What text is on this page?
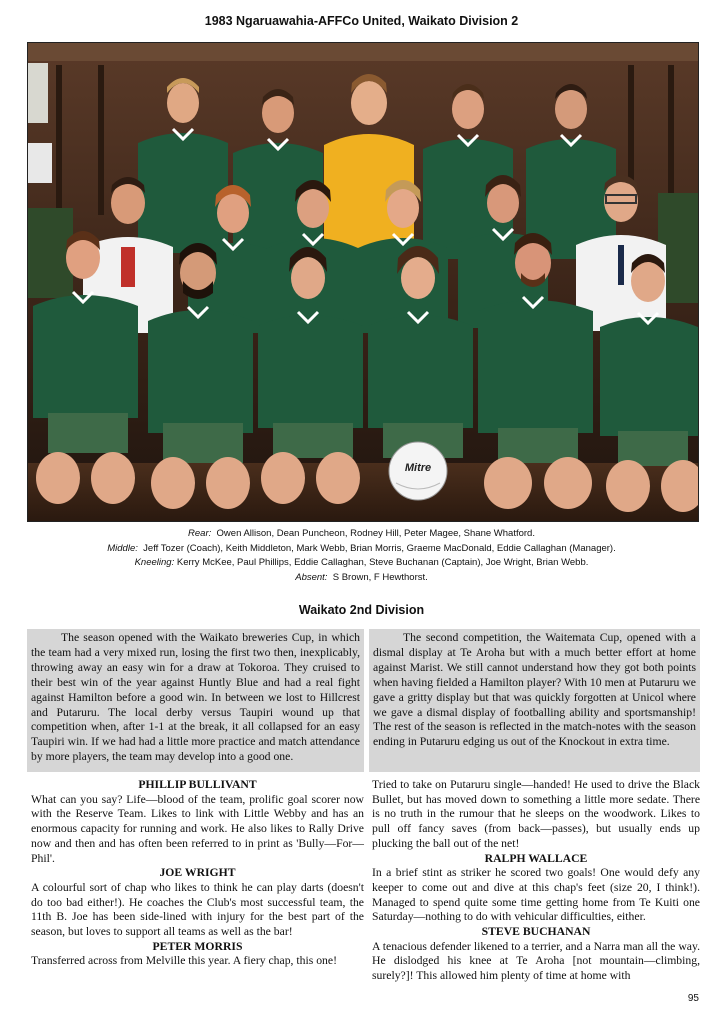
1983 Ngaruawahia-AFFCo United, Waikato Division 2
Mitre
Rear: Owen Allison, Dean Puncheon, Rodney Hill, Peter Magee, Shane Whatford.
Middle: Jeff Tozer (Coach), Keith Middleton, Mark Webb, Brian Morris, Graeme MacDonald, Eddie Callaghan (Manager).
Kneeling: Kerry McKee, Paul Phillips, Eddie Callaghan, Steve Buchanan (Captain), Joe Wright, Brian Webb.
Absent: S Brown, F Hewthorst.
Waikato 2nd Division

The season opened with the Waikato breweries Cup, in which the team had a very mixed run, losing the first two then, inexplicably, throwing away an easy win for a draw at Tokoroa. They cruised to their best win of the year against Huntly Blue and had a real fight against Hamilton before a good win. In between we lost to Hillcrest and Putaruru. The local derby versus Taupiri wound up that competition when, after 1-1 at the break, it all collapsed for an easy Taupiri win. If we had had a little more practice and match attendance by more players, the team may develop into a good one.

The second competition, the Waitemata Cup, opened with a dismal display at Te Aroha but with a much better effort at home against Marist. We still cannot understand how they got both points when having fielded a Hamilton player? With 10 men at Putaruru we gave a gritty display but that was quickly forgotten at Unicol where we gave a dismal display of footballing ability and sportsmanship! The rest of the season is reflected in the match-notes with the season ending in Putaruru edging us out of the Knockout in extra time.

PHILLIP BULLIVANT

What can you say? Life—blood of the team, prolific goal scorer now with the Reserve Team. Likes to link with Little Webby and has an enormous capacity for running and work. He also likes to Rally Drive now and then and has often been referred to in print as 'Bully—For—Phil'.

JOE WRIGHT

A colourful sort of chap who likes to think he can play darts (doesn't do too bad either!). He coaches the Club's most successful team, the 11th B. Joe has been side-lined with injury for the best part of the season, but loves to support all teams as well as the bar!

PETER MORRIS

Transferred across from Melville this year. A fiery chap, this one!

Tried to take on Putaruru single—handed! He used to drive the Black Bullet, but has moved down to something a little more sedate. There is no truth in the rumour that he sleeps on the woodwork. Likes to pull off fancy saves (from back—passes), but usually ends up plucking the ball out of the net!

RALPH WALLACE

In a brief stint as striker he scored two goals! One would defy any keeper to come out and dive at this chap's feet (size 20, I think!). Managed to spend quite some time getting home from Te Kuiti one Saturday—nothing to do with vehicular difficulties, either.

STEVE BUCHANAN

A tenacious defender likened to a terrier, and a Narra man all the way. He dislodged his knee at Te Aroha [not mountain—climbing, surely?]! This allowed him plenty of time at home with

95
